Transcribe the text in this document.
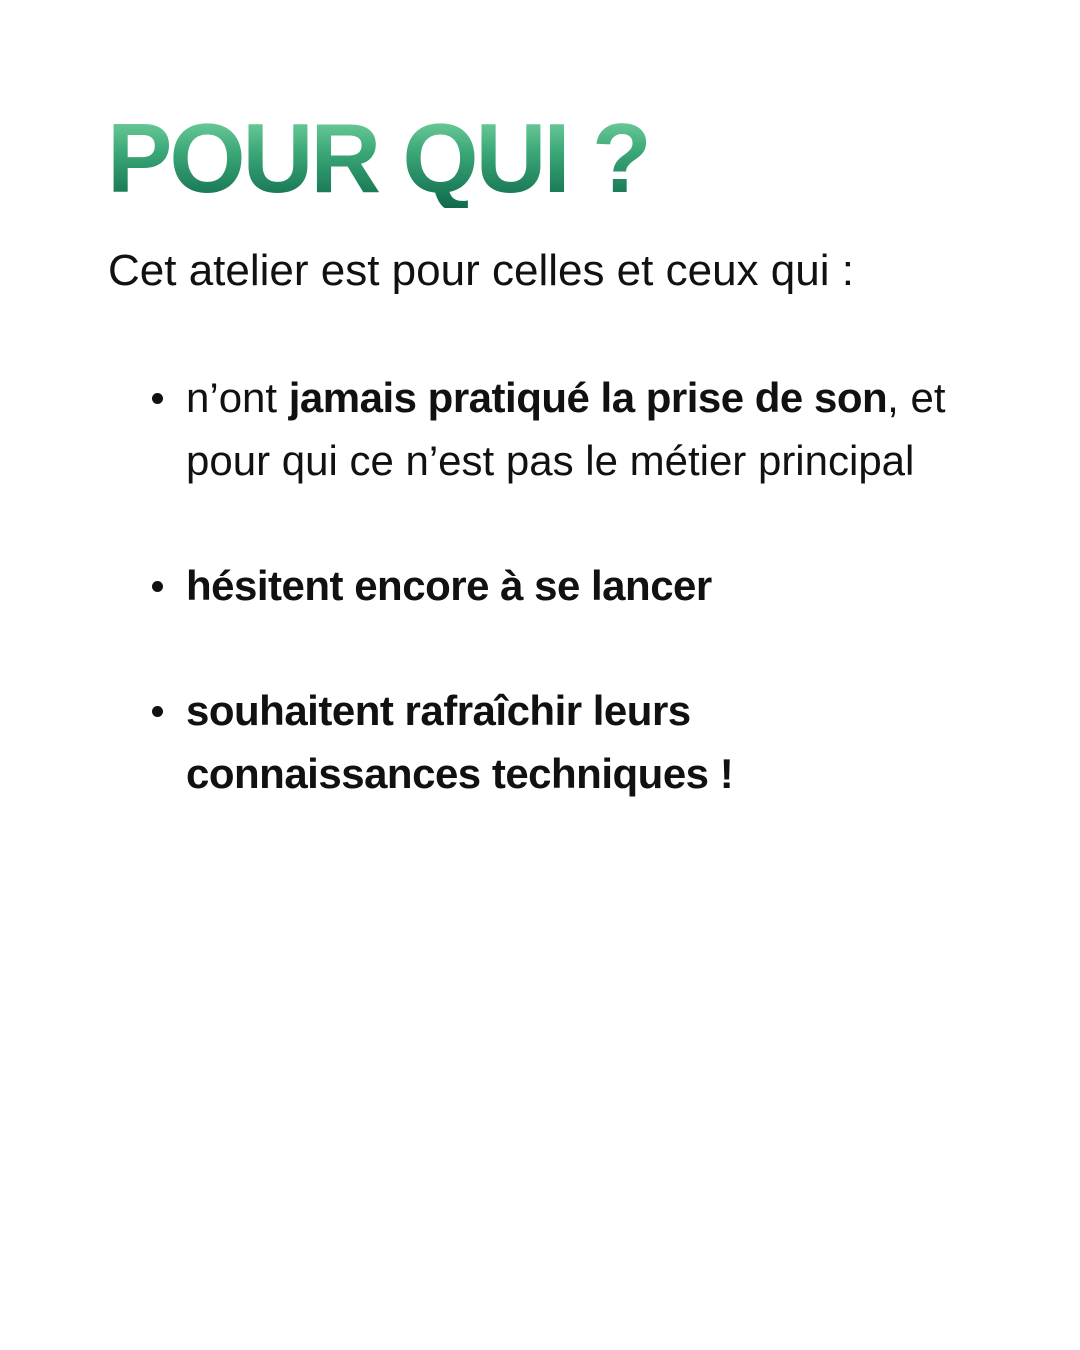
POUR QUI ?

Cet atelier est pour celles et ceux qui :

n’ont jamais pratiqué la prise de son, et pour qui ce n’est pas le métier principal
hésitent encore à se lancer
souhaitent rafraîchir leurs connaissances techniques !
